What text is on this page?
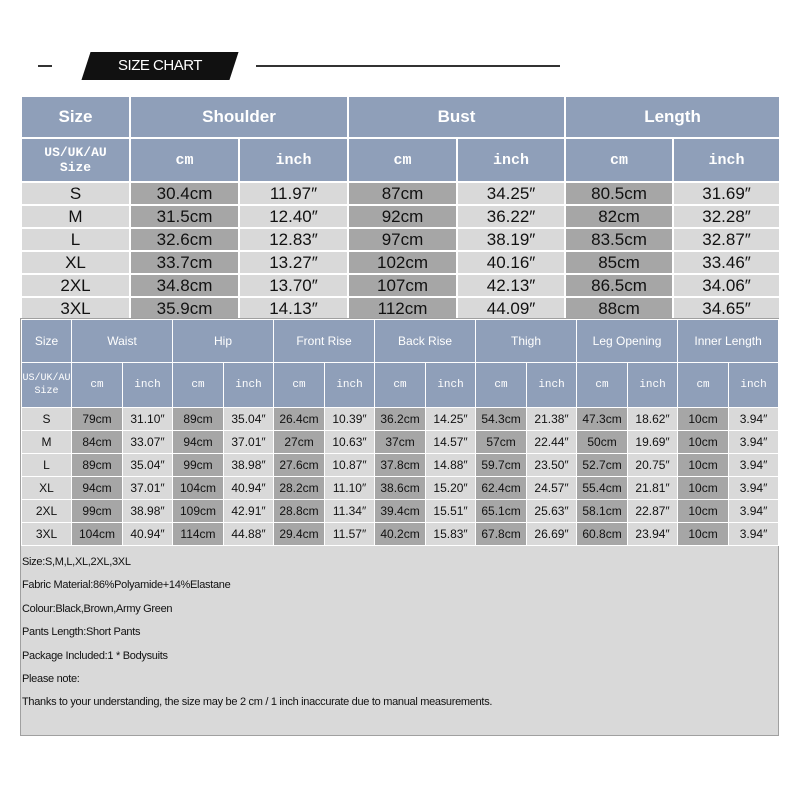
SIZE CHART
Size	Shoulder		Bust		Length	

US/UK/AU
Size	cm	inch	cm	inch	cm	inch
S	30.4cm	11.97″	87cm	34.25″	80.5cm	31.69″
M	31.5cm	12.40″	92cm	36.22″	82cm	32.28″
L	32.6cm	12.83″	97cm	38.19″	83.5cm	32.87″
XL	33.7cm	13.27″	102cm	40.16″	85cm	33.46″
2XL	34.8cm	13.70″	107cm	42.13″	86.5cm	34.06″
3XL	35.9cm	14.13″	112cm	44.09″	88cm	34.65″
Size	Waist		Hip		Front Rise		Back Rise		Thigh		Leg Opening		Inner Length	

US/UK/AU
Size	cm	inch	cm	inch	cm	inch	cm	inch	cm	inch	cm	inch	cm	inch
S	79cm	31.10″	89cm	35.04″	26.4cm	10.39″	36.2cm	14.25″	54.3cm	21.38″	47.3cm	18.62″	10cm	3.94″
M	84cm	33.07″	94cm	37.01″	27cm	10.63″	37cm	14.57″	57cm	22.44″	50cm	19.69″	10cm	3.94″
L	89cm	35.04″	99cm	38.98″	27.6cm	10.87″	37.8cm	14.88″	59.7cm	23.50″	52.7cm	20.75″	10cm	3.94″
XL	94cm	37.01″	104cm	40.94″	28.2cm	11.10″	38.6cm	15.20″	62.4cm	24.57″	55.4cm	21.81″	10cm	3.94″
2XL	99cm	38.98″	109cm	42.91″	28.8cm	11.34″	39.4cm	15.51″	65.1cm	25.63″	58.1cm	22.87″	10cm	3.94″
3XL	104cm	40.94″	114cm	44.88″	29.4cm	11.57″	40.2cm	15.83″	67.8cm	26.69″	60.8cm	23.94″	10cm	3.94″
Size:S,M,L,XL,2XL,3XL
Fabric Material:86%Polyamide+14%Elastane
Colour:Black,Brown,Army Green
Pants Length:Short Pants
Package Included:1 * Bodysuits
Please note:
Thanks to your understanding, the size may be 2 cm / 1 inch inaccurate due to manual measurements.
